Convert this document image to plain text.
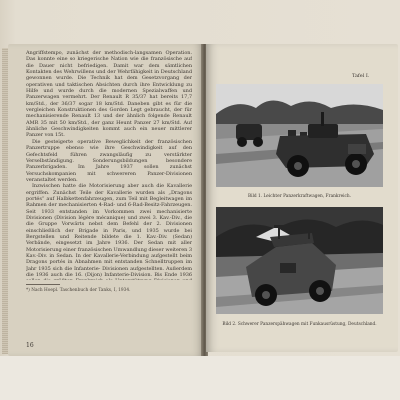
Angriffstempo, zunächst der methodisch-langsamen Operation. Das konnte eine so kriegerische Nation wie die französische auf die Dauer nicht befriedigen. Damit war dem sämtlichen Kontakten des Wehrwillens und der Wehrfähigkeit in Deutschland gewonnen wurde. Die Technik hat dem Gesetzvorgang der operativen und taktischen Absichten durch ihre Entwicklung zu Hilfe und wurde durch die modernen Spezialwaffen und Panzerwagen vermehrt. Der Renault R 35/37 hat bereits 17,7 km/Std., der 36/37 sogar 18 km/Std. Daneben gibt es für die vergleichen Konstruktionen des Gorden Legt gebraucht, der für mechanisierende Renault 13 und der ähnlich folgende Renault AMR 35 mit 50 km/Std., der ganz Heunt Panzer 27 km/Std. Auf ähnliche Geschwindigkeiten kommt auch ein neuer mittlerer Panzer von 15t.

Die gesteigerte operative Beweglichkeit der französischen Panzertruppe ebenso wie ihre Geschwindigkeit auf den Gefechtsfeld führen zwangsläufig zu verstärkter Verselbständigung. Sonderungsbildungen besondere Panzerbrigaden. Im Jahre 1937 sollen zunächst Versuchskompanien mit schwereren Panzer-Divisionen veranstaltet werden.

Inzwischen hatte die Motorisierung aber auch die Kavallerie ergriffen. Zunächst Teile der Kavallerie wurden als „Dragons portés“ auf Halbkettenfahrzeugen, zum Teil mit Begleitwagen im Rahmen der mechanisierten 4-Rad- und 6-Rad-Besitz-Fahrzeugen. Seit 1933 entstanden im Vorkommen zwei mechanisierte Divisionen (Division légère mécanique) und zwei 3. Kav.-Div., die die Gruppe Vorwärts nebst dem Befehl der 2. Divisionen einschließlich der Brigade in Paris, und 1935 wurde bei Bergstellen und Reitende bildete die 1. Kav.-Div. (Sedan) Verbände, eingesetzt im Jahre 1936. Der Sedan mit aller Motorisierung einer französischen Umwandlung dieser weiteren 3 Kav.-Div. in Sedan. In der Kavallerie-Verbindung aufgestellt beim Dragons portés in Abnahmen mit entstanden Schnelltruppen im Jahr 1935 sich die Infanterie- Divisionen aufgestellten. Außerdem die 1936 auch die 16. (Dijon) Infanterie-Division. Bis Ende 1936

*) Nach Hoepl. Taschenbuch der Tanks, I, 1934.
16
Tafel I.
Bild 1. Leichter Panzerkraftwagen, Frankreich.
Bild 2. Schwerer Panzerspähwagen mit Funkausrüstung, Deutschland.
